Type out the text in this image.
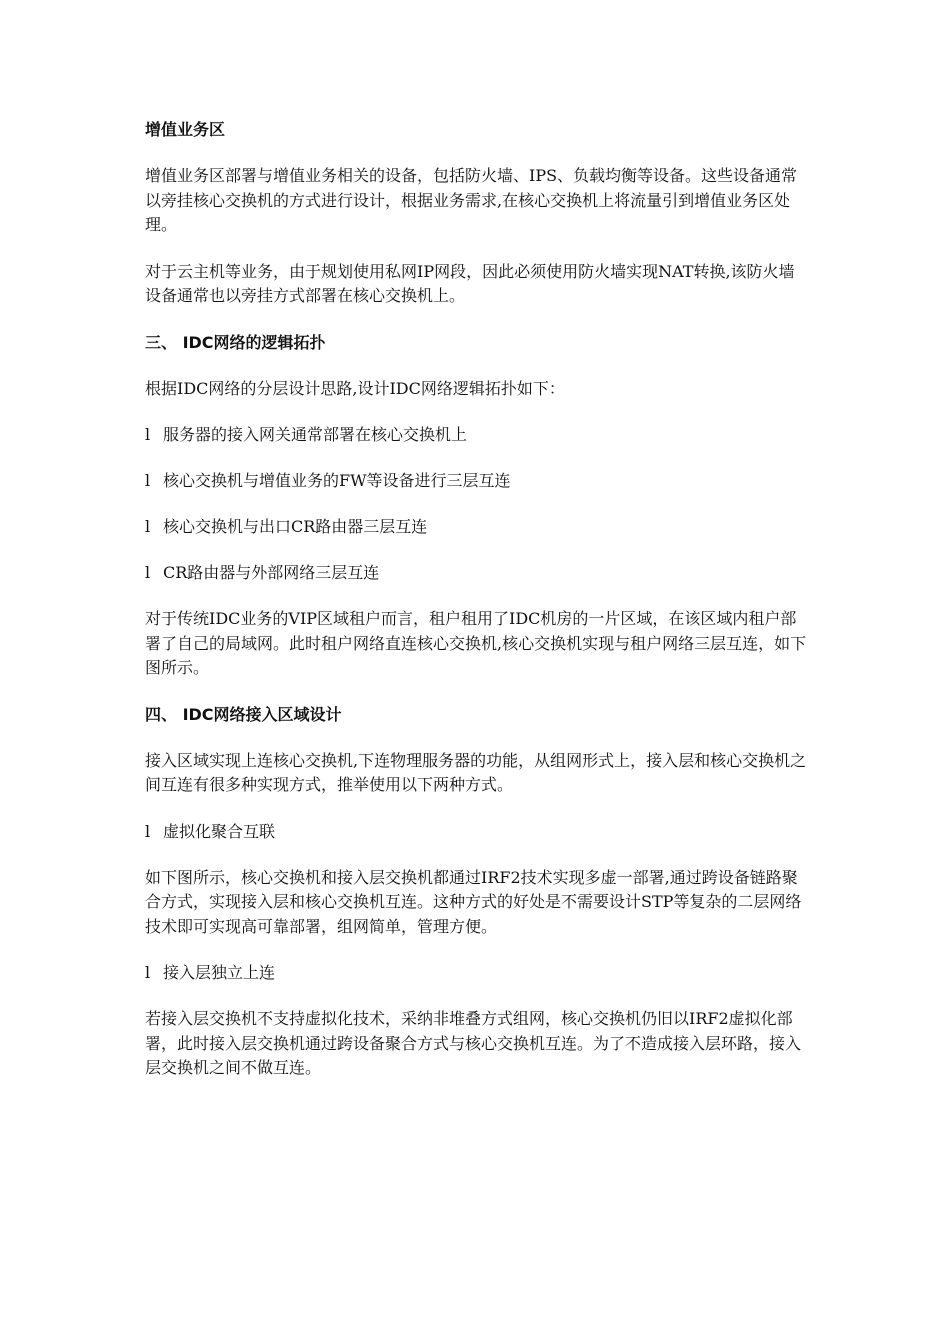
增值业务区
增值业务区部署与增值业务相关的设备，包括防火墙、IPS、负载均衡等设备。这些设备通常以旁挂核心交换机的方式进行设计，根据业务需求,在核心交换机上将流量引到增值业务区处理。
对于云主机等业务，由于规划使用私网IP网段，因此必须使用防火墙实现NAT转换,该防火墙设备通常也以旁挂方式部署在核心交换机上。
三、 IDC网络的逻辑拓扑
根据IDC网络的分层设计思路,设计IDC网络逻辑拓扑如下：
l 服务器的接入网关通常部署在核心交换机上
l 核心交换机与增值业务的FW等设备进行三层互连
l 核心交换机与出口CR路由器三层互连
l CR路由器与外部网络三层互连
对于传统IDC业务的VIP区域租户而言，租户租用了IDC机房的一片区域，在该区域内租户部署了自己的局域网。此时租户网络直连核心交换机,核心交换机实现与租户网络三层互连，如下图所示。
四、 IDC网络接入区域设计
接入区域实现上连核心交换机,下连物理服务器的功能，从组网形式上，接入层和核心交换机之间互连有很多种实现方式，推举使用以下两种方式。
l 虚拟化聚合互联
如下图所示，核心交换机和接入层交换机都通过IRF2技术实现多虚一部署,通过跨设备链路聚合方式，实现接入层和核心交换机互连。这种方式的好处是不需要设计STP等复杂的二层网络技术即可实现高可靠部署，组网简单，管理方便。
l 接入层独立上连
若接入层交换机不支持虚拟化技术，采纳非堆叠方式组网，核心交换机仍旧以IRF2虚拟化部署，此时接入层交换机通过跨设备聚合方式与核心交换机互连。为了不造成接入层环路，接入层交换机之间不做互连。
